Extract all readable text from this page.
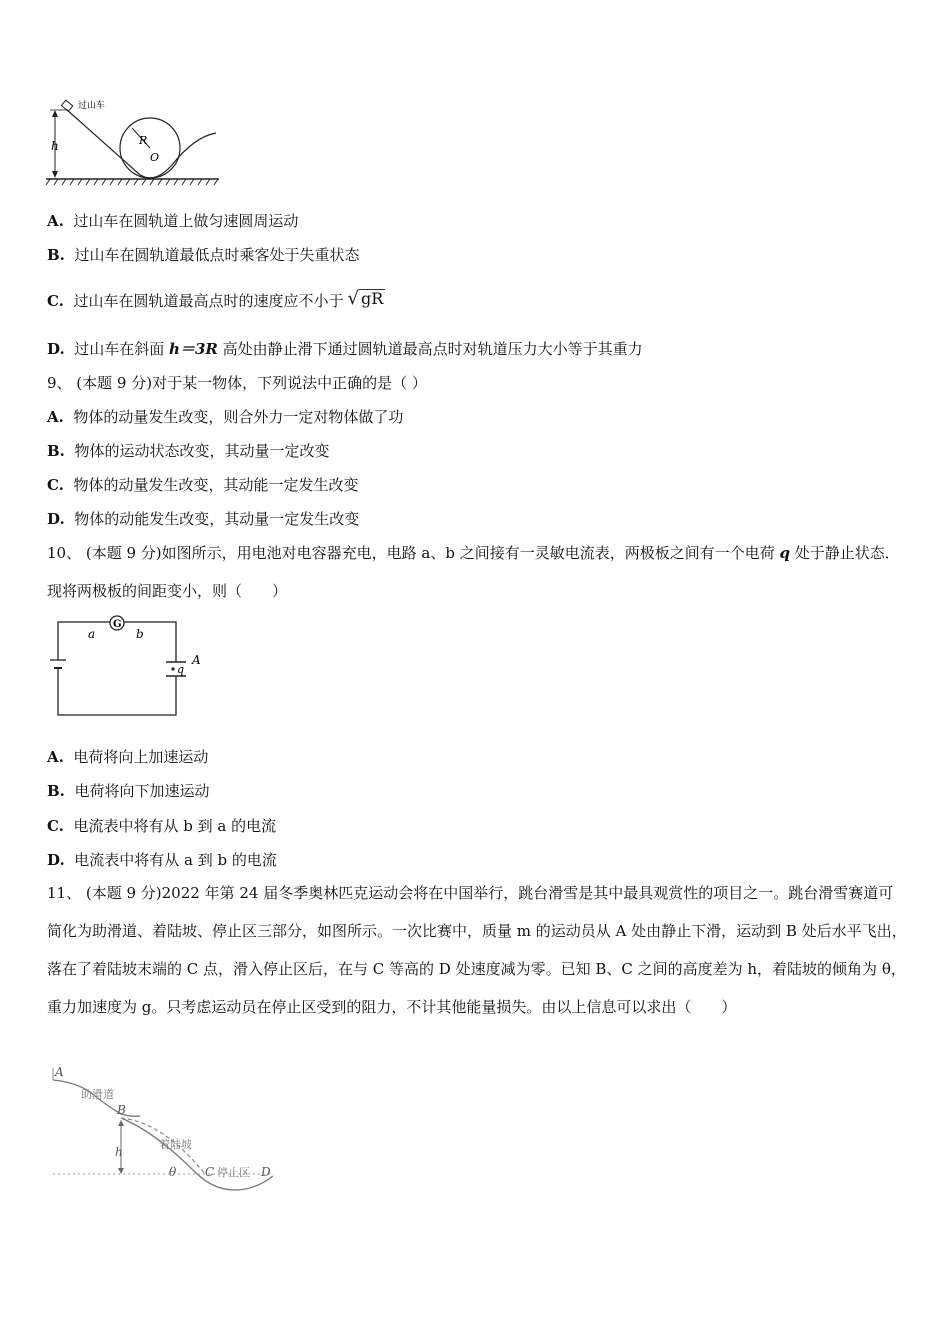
h	R
O
过山车
A. 过山车在圆轨道上做匀速圆周运动
B. 过山车在圆轨道最低点时乘客处于失重状态
C. 过山车在圆轨道最高点时的速度应不小于 √ gR
D. 过山车在斜面 h＝3R 高处由静止滑下通过圆轨道最高点时对轨道压力大小等于其重力
9、 (本题 9 分)对于某一物体，下列说法中正确的是（ ）
A. 物体的动量发生改变，则合外力一定对物体做了功
B. 物体的运动状态改变，其动量一定改变
C. 物体的动量发生改变，其动能一定发生改变
D. 物体的动能发生改变，其动量一定发生改变
10、 (本题 9 分)如图所示，用电池对电容器充电，电路 a、b 之间接有一灵敏电流表，两极板之间有一个电荷 q 处于静止状态．现将两极板的间距变小，则（　　）
G
a	b
q
A
A. 电荷将向上加速运动
B. 电荷将向下加速运动
C. 电流表中将有从 b 到 a 的电流
D. 电流表中将有从 a 到 b 的电流
11、 (本题 9 分)2022 年第 24 届冬季奥林匹克运动会将在中国举行，跳台滑雪是其中最具观赏性的项目之一。跳台滑雪赛道可简化为助滑道、着陆坡、停止区三部分，如图所示。一次比赛中，质量 m 的运动员从 A 处由静止下滑，运动到 B 处后水平飞出，落在了着陆坡末端的 C 点，滑入停止区后，在与 C 等高的 D 处速度减为零。已知 B、C 之间的高度差为 h，着陆坡的倾角为 θ，重力加速度为 g。只考虑运动员在停止区受到的阻力，不计其他能量损失。由以上信息可以求出（　　）
A
助滑道
B
着陆坡
h
θ C 停止区 D
